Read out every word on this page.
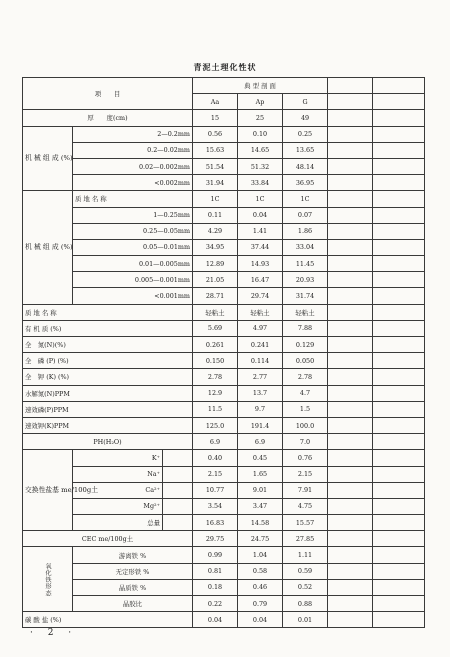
青泥土理化性状
项　　目			典 型 剖 面				
			Aa	Ap	G		
厚　　度(cm)			15	25	49		
机 械 组 成 (%)	2—0.2mm		0.56	0.10	0.25		
	0.2—0.02mm		15.63	14.65	13.65		
	0.02—0.002mm		51.54	51.32	48.14		
	<0.002mm		31.94	33.84	36.95		
机 械 组 成 (%)	质 地 名 称		1C	1C	1C		
	1—0.25mm		0.11	0.04	0.07		
	0.25—0.05mm		4.29	1.41	1.86		
	0.05—0.01mm		34.95	37.44	33.04		
	0.01—0.005mm		12.89	14.93	11.45		
	0.005—0.001mm		21.05	16.47	20.93		
	<0.001mm		28.71	29.74	31.74		
质 地 名 称			轻粘土	轻粘土	轻粘土		
有 机 质 (%)			5.69	4.97	7.88		
全　氮(N)(%)			0.261	0.241	0.129		
全　磷 (P) (%)			0.150	0.114	0.050		
全　钾 (K) (%)			2.78	2.77	2.78		
水解氮(N)PPM			12.9	13.7	4.7		
速效磷(P)PPM			11.5	9.7	1.5		
速效钾(K)PPM			125.0	191.4	100.0		
PH(H₂O)			6.9	6.9	7.0		
交换性盐基 me/100g土	K⁺		0.40	0.45	0.76		
	Na⁺		2.15	1.65	2.15		
	Ca²⁺		10.77	9.01	7.91		
	Mg²⁺		3.54	3.47	4.75		
	总量		16.83	14.58	15.57		
CEC me/100g土			29.75	24.75	27.85		
氧化铁形态	游离铁 %		0.99	1.04	1.11		
	无定形铁 %		0.81	0.58	0.59		
	晶质铁 %		0.18	0.46	0.52		
	晶胶比		0.22	0.79	0.88		
碳 酸 盐 (%)			0.04	0.04	0.01		
· 2 ·
